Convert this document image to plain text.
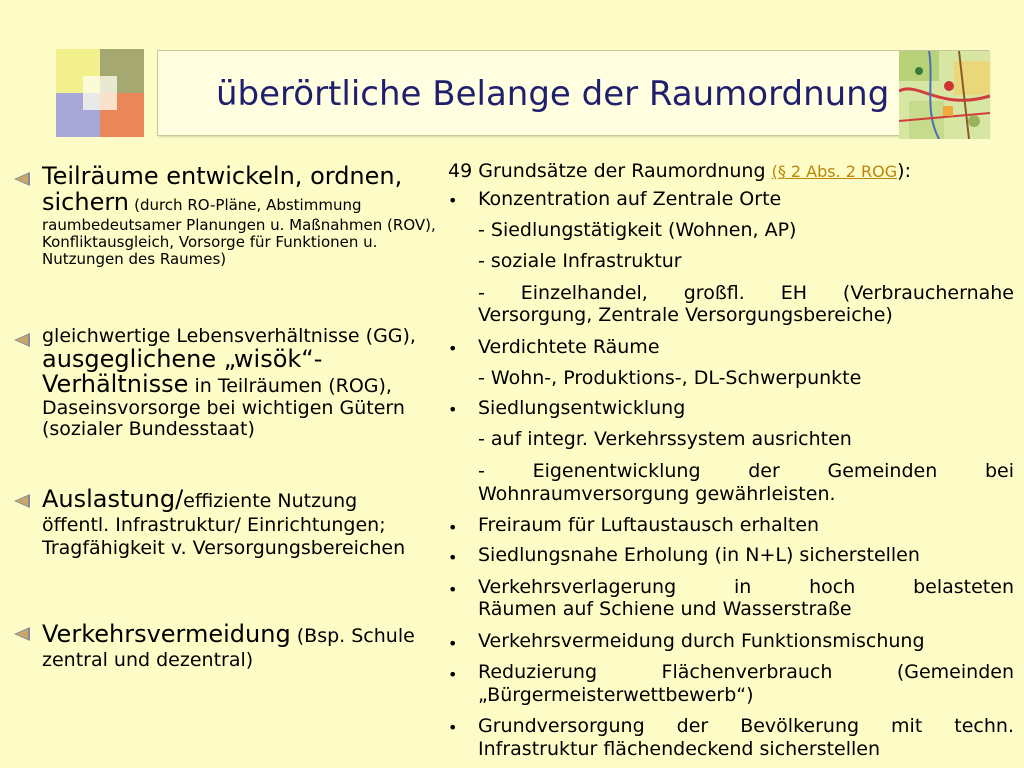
überörtliche Belange der Raumordnung
Teilräume entwickeln, ordnen, sichern (durch RO-Pläne, Abstimmung raumbedeutsamer Planungen u. Maßnahmen (ROV), Konfliktausgleich, Vorsorge für Funktionen u. Nutzungen des Raumes)
gleichwertige Lebensverhältnisse (GG),
ausgeglichene „wisök“-
Verhältnisse in Teilräumen (ROG),
Daseinsvorsorge bei wichtigen Gütern (sozialer Bundesstaat)
Auslastung/effiziente Nutzung
öffentl. Infrastruktur/ Einrichtungen;
Tragfähigkeit v. Versorgungsbereichen
Verkehrsvermeidung (Bsp. Schule
zentral und dezentral)
49 Grundsätze der Raumordnung (§ 2 Abs. 2 ROG):
• Konzentration auf Zentrale Orte
- Siedlungstätigkeit (Wohnen, AP)
- soziale Infrastruktur
- Einzelhandel, großfl. EH (Verbrauchernahe
Versorgung, Zentrale Versorgungsbereiche)
• Verdichtete Räume
- Wohn-, Produktions-, DL-Schwerpunkte
• Siedlungsentwicklung
- auf integr. Verkehrssystem ausrichten
- Eigenentwicklung der Gemeinden bei
Wohnraumversorgung gewährleisten.
• Freiraum für Luftaustausch erhalten
• Siedlungsnahe Erholung (in N+L) sicherstellen
• Verkehrsverlagerung in hoch belasteten
Räumen auf Schiene und Wasserstraße
• Verkehrsvermeidung durch Funktionsmischung
• Reduzierung Flächenverbrauch (Gemeinden
„Bürgermeisterwettbewerb“)
• Grundversorgung der Bevölkerung mit techn.
Infrastruktur flächendeckend sicherstellen
